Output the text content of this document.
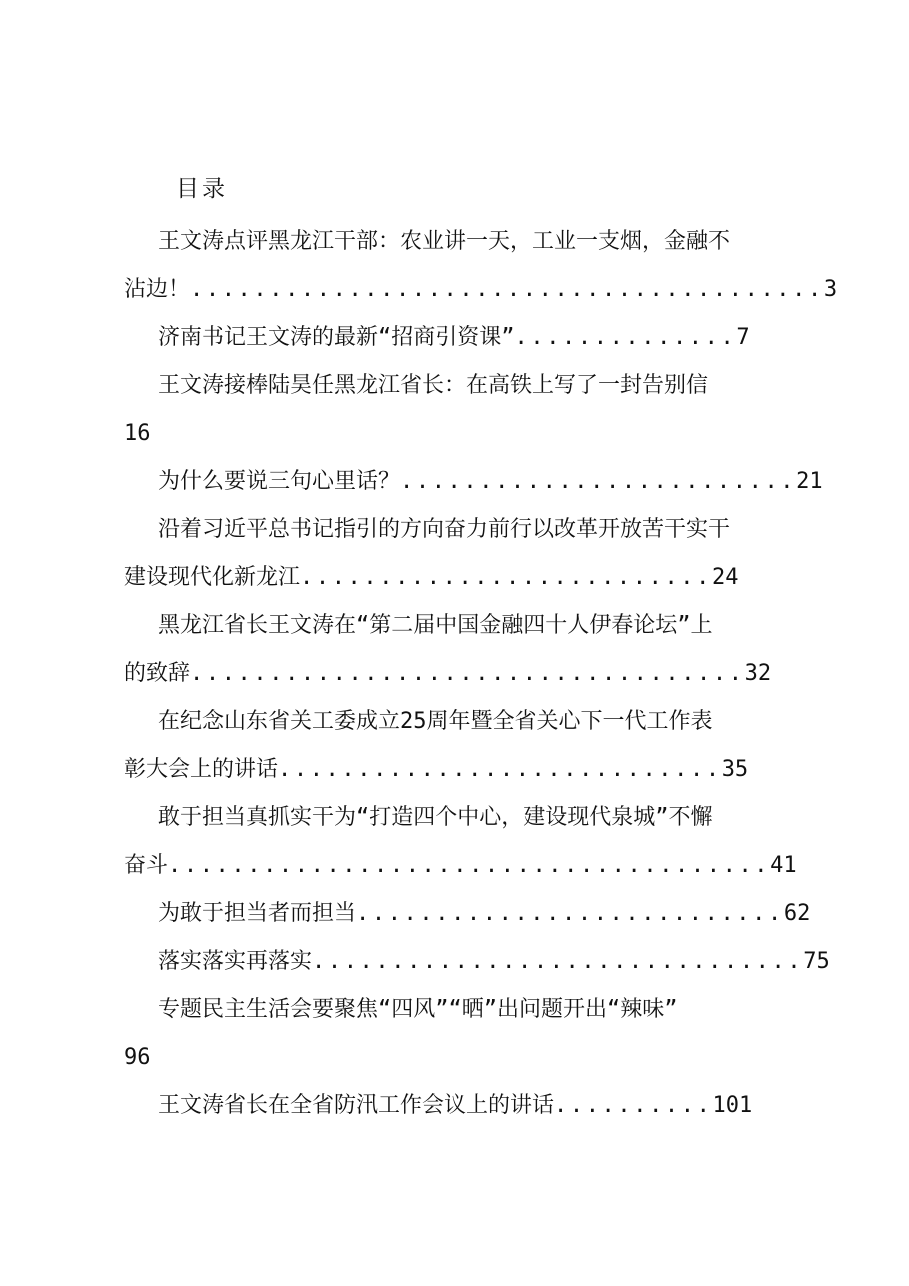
目录
王文涛点评黑龙江干部：农业讲一天，工业一支烟，金融不
沾边！........................................3
济南书记王文涛的最新“招商引资课”..............7
王文涛接棒陆昊任黑龙江省长：在高铁上写了一封告别信
16
为什么要说三句心里话？.........................21
沿着习近平总书记指引的方向奋力前行以改革开放苦干实干
建设现代化新龙江..........................24
黑龙江省长王文涛在“第二届中国金融四十人伊春论坛”上
的致辞...................................32
在纪念山东省关工委成立25周年暨全省关心下一代工作表
彰大会上的讲话............................35
敢于担当真抓实干为“打造四个中心，建设现代泉城”不懈
奋斗......................................41
为敢于担当者而担当...........................62
落实落实再落实...............................75
专题民主生活会要聚焦“四风”“晒”出问题开出“辣味”
96
王文涛省长在全省防汛工作会议上的讲话..........101
